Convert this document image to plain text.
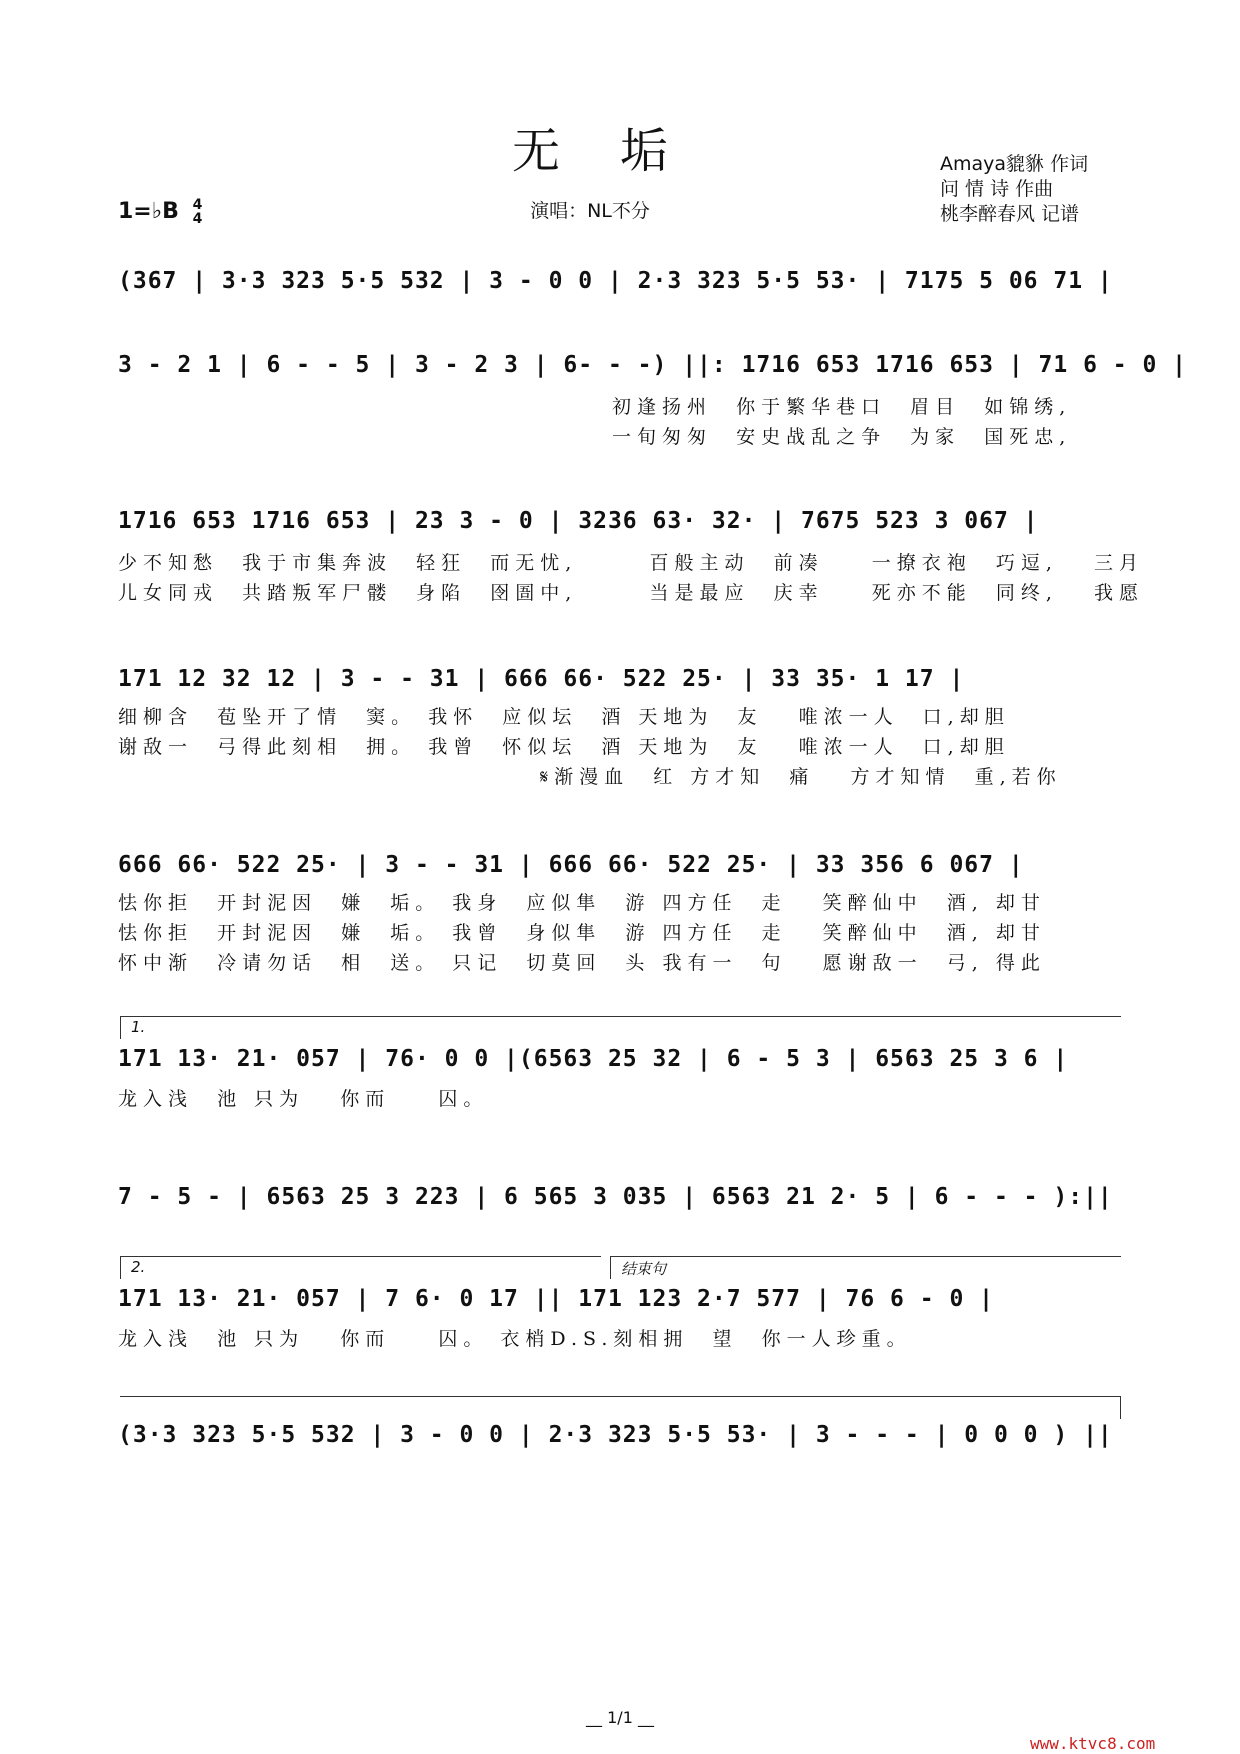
无垢	Amaya貔貅 作词
问 情 诗 作曲
桃李醉春风 记谱
1=♭B 4
4	演唱：NL不分
(367 | 3·3 323 5·5 532 | 3 - 0 0 | 2·3 323 5·5 53· | 7175 5 06 71 |
3 - 2 1 | 6 - - 5 | 3 - 2 3 | 6- - -) ||: 1716 653 1716 653 | 71 6 - 0 |
初逢扬州  你于繁华巷口  眉目  如锦绣,
一旬匆匆  安史战乱之争  为家  国死忠,
1716 653 1716 653 | 23 3 - 0 | 3236 63· 32· | 7675 523 3 067 |
少不知愁  我于市集奔波  轻狂  而无忧,      百般主动  前凑    一撩衣袍  巧逗,   三月
儿女同戎  共踏叛军尸髅  身陷  囹圄中,      当是最应  庆幸    死亦不能  同终,   我愿
171 12 32 12 | 3 - - 31 | 666 66· 522 25· | 33 35· 1 17 |
细柳含  苞坠开了情  窦。 我怀  应似坛  酒 天地为  友   唯浓一人  口,却胆
谢敌一  弓得此刻相  拥。 我曾  怀似坛  酒 天地为  友   唯浓一人  口,却胆
𝄋渐漫血  红 方才知  痛   方才知情  重,若你
666 66· 522 25· | 3 - - 31 | 666 66· 522 25· | 33 356 6 067 |
怯你拒  开封泥因  嫌  垢。 我身  应似隼  游 四方任  走   笑醉仙中  酒, 却甘
怯你拒  开封泥因  嫌  垢。 我曾  身似隼  游 四方任  走   笑醉仙中  酒, 却甘
怀中渐  冷请勿话  相  送。 只记  切莫回  头 我有一  句   愿谢敌一  弓, 得此
1.
171 13· 21· 057 | 76· 0 0 |(6563 25 32 | 6 - 5 3 | 6563 25 3 6 |
龙入浅  池 只为   你而    囚。
7 - 5 - | 6563 25 3 223 | 6 565 3 035 | 6563 21 2· 5 | 6 - - - ):||
2.	结束句
171 13· 21· 057 | 7 6· 0 17 || 171 123 2·7 577 | 76 6 - 0 |
龙入浅  池 只为   你而    囚。 衣梢D.S.刻相拥  望  你一人珍重。
(3·3 323 5·5 532 | 3 - 0 0 | 2·3 323 5·5 53· | 3 - - - | 0 0 0 ) ||
__ 1/1 __
www.ktvc8.com
